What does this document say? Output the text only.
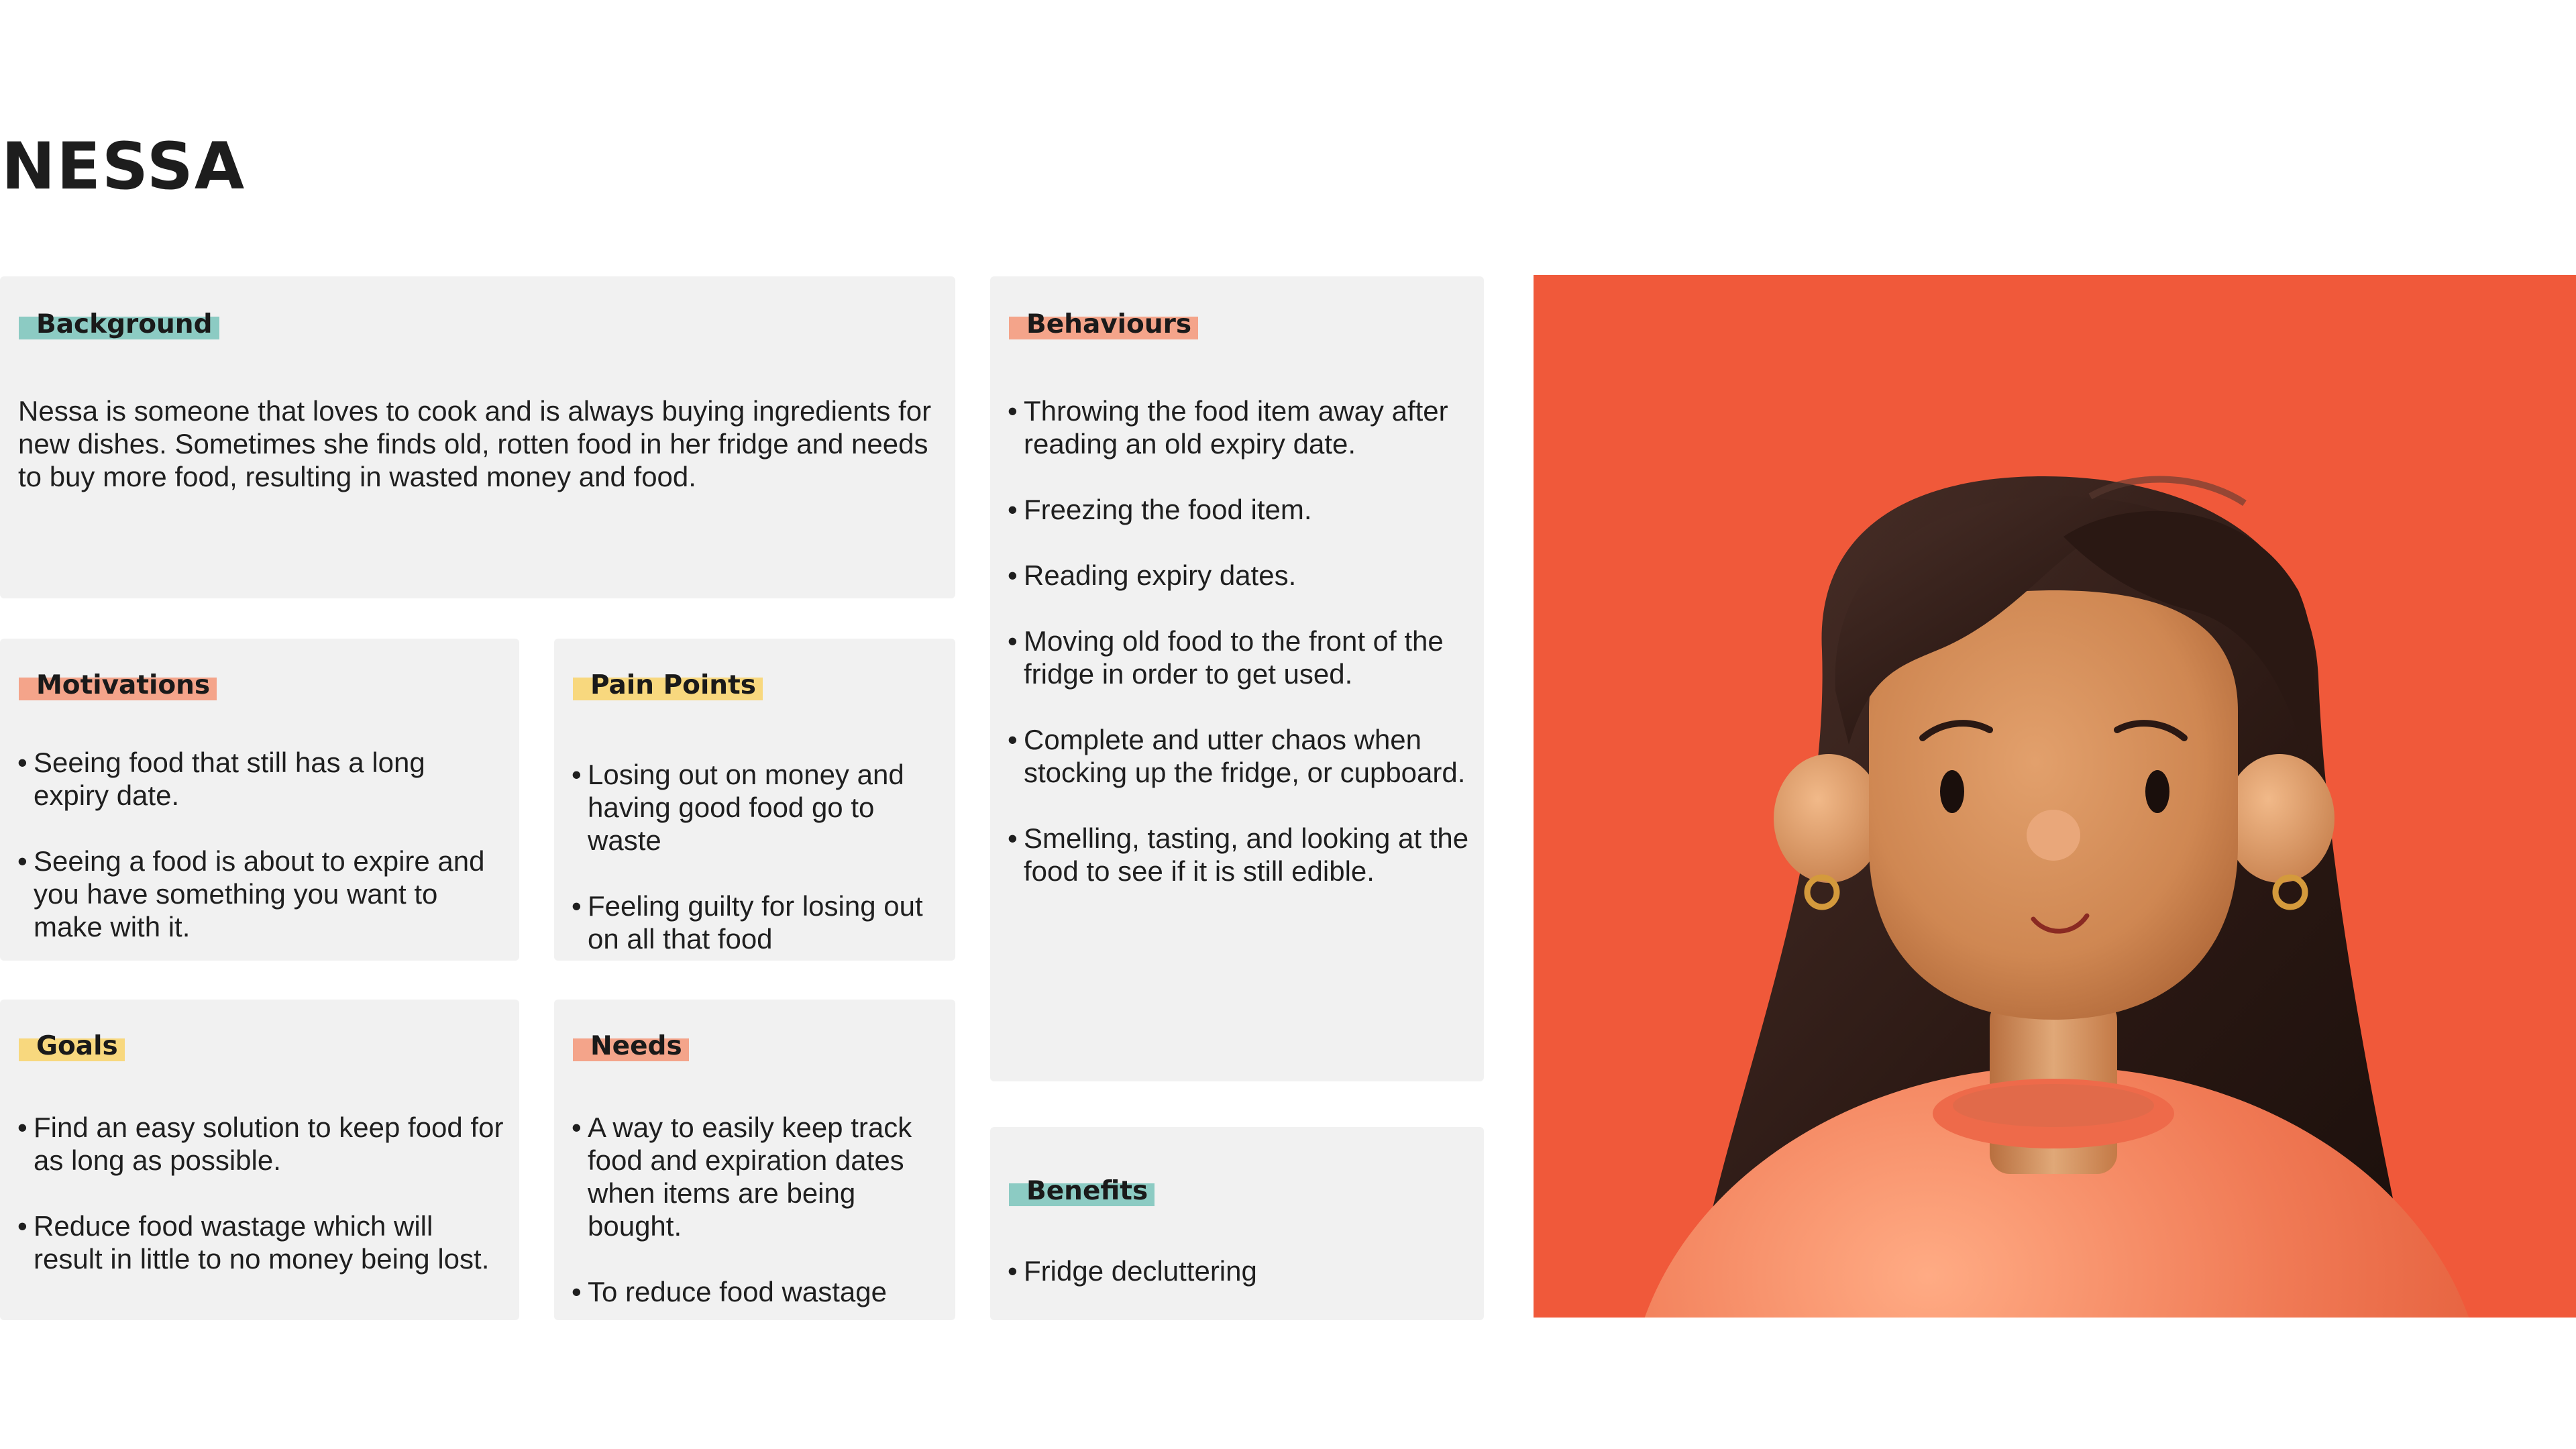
NESSA
Background
Nessa is someone that loves to cook and is always buying ingredients for new dishes. Sometimes she finds old, rotten food in her fridge and needs to buy more food, resulting in wasted money and food.
Motivations
• Seeing food that still has a long expiry date.
• Seeing a food is about to expire and you have something you want to make with it.
Pain Points
• Losing out on money and having good food go to waste
• Feeling guilty for losing out on all that food
Goals
• Find an easy solution to keep food for as long as possible.
• Reduce food wastage which will result in little to no money being lost.
Needs
• A way to easily keep track food and expiration dates when items are being bought.
• To reduce food wastage
Behaviours
• Throwing the food item away after reading an old expiry date.
• Freezing the food item.
• Reading expiry dates.
• Moving old food to the front of the fridge in order to get used.
• Complete and utter chaos when stocking up the fridge, or cupboard.
• Smelling, tasting, and looking at the food to see if it is still edible.
Benefits
• Fridge decluttering
